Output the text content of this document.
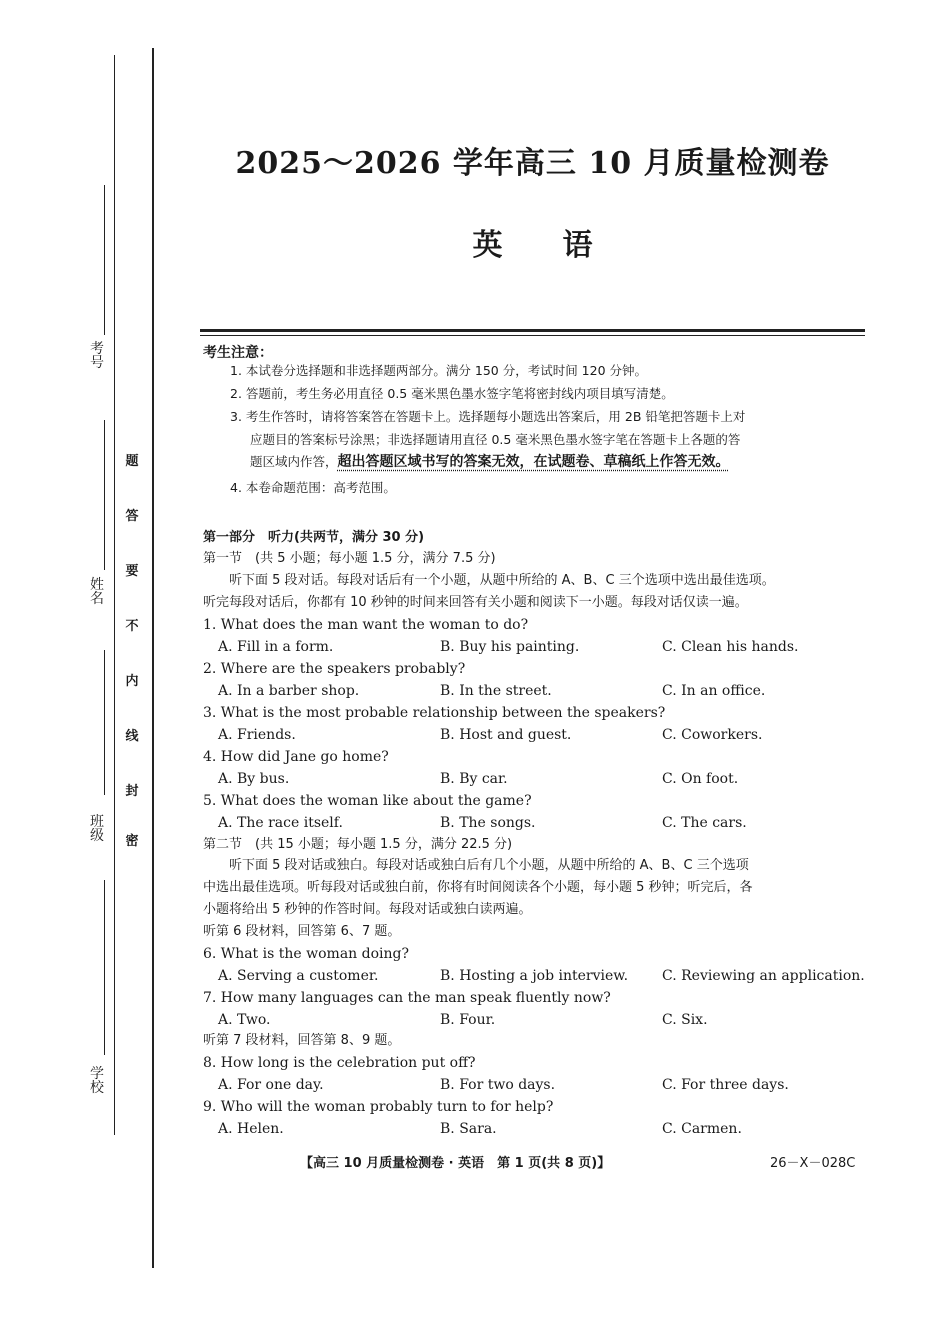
考号
姓名
班级
学校
题
答
要
不
内
线
封
密
2025～2026 学年高三 10 月质量检测卷
英语
考生注意：
1. 本试卷分选择题和非选择题两部分。满分 150 分，考试时间 120 分钟。
2. 答题前，考生务必用直径 0.5 毫米黑色墨水签字笔将密封线内项目填写清楚。
3. 考生作答时，请将答案答在答题卡上。选择题每小题选出答案后，用 2B 铅笔把答题卡上对
应题目的答案标号涂黑；非选择题请用直径 0.5 毫米黑色墨水签字笔在答题卡上各题的答
题区域内作答，超出答题区域书写的答案无效，在试题卷、草稿纸上作答无效。
4. 本卷命题范围：高考范围。
第一部分　听力(共两节，满分 30 分)
第一节　(共 5 小题；每小题 1.5 分，满分 7.5 分)
听下面 5 段对话。每段对话后有一个小题，从题中所给的 A、B、C 三个选项中选出最佳选项。
听完每段对话后，你都有 10 秒钟的时间来回答有关小题和阅读下一小题。每段对话仅读一遍。
1. What does the man want the woman to do?
A. Fill in a form.	B. Buy his painting.	C. Clean his hands.
2. Where are the speakers probably?
A. In a barber shop.	B. In the street.	C. In an office.
3. What is the most probable relationship between the speakers?
A. Friends.	B. Host and guest.	C. Coworkers.
4. How did Jane go home?
A. By bus.	B. By car.	C. On foot.
5. What does the woman like about the game?
A. The race itself.	B. The songs.	C. The cars.
第二节　(共 15 小题；每小题 1.5 分，满分 22.5 分)
听下面 5 段对话或独白。每段对话或独白后有几个小题，从题中所给的 A、B、C 三个选项
中选出最佳选项。听每段对话或独白前，你将有时间阅读各个小题，每小题 5 秒钟；听完后，各
小题将给出 5 秒钟的作答时间。每段对话或独白读两遍。
听第 6 段材料，回答第 6、7 题。
6. What is the woman doing?
A. Serving a customer.	B. Hosting a job interview. C. Reviewing an application.
7. How many languages can the man speak fluently now?
A. Two.	B. Four.	C. Six.
听第 7 段材料，回答第 8、9 题。
8. How long is the celebration put off?
A. For one day.	B. For two days.	C. For three days.
9. Who will the woman probably turn to for help?
A. Helen.	B. Sara.	C. Carmen.
【高三 10 月质量检测卷 · 英语　第 1 页(共 8 页)】	26－X－028C
